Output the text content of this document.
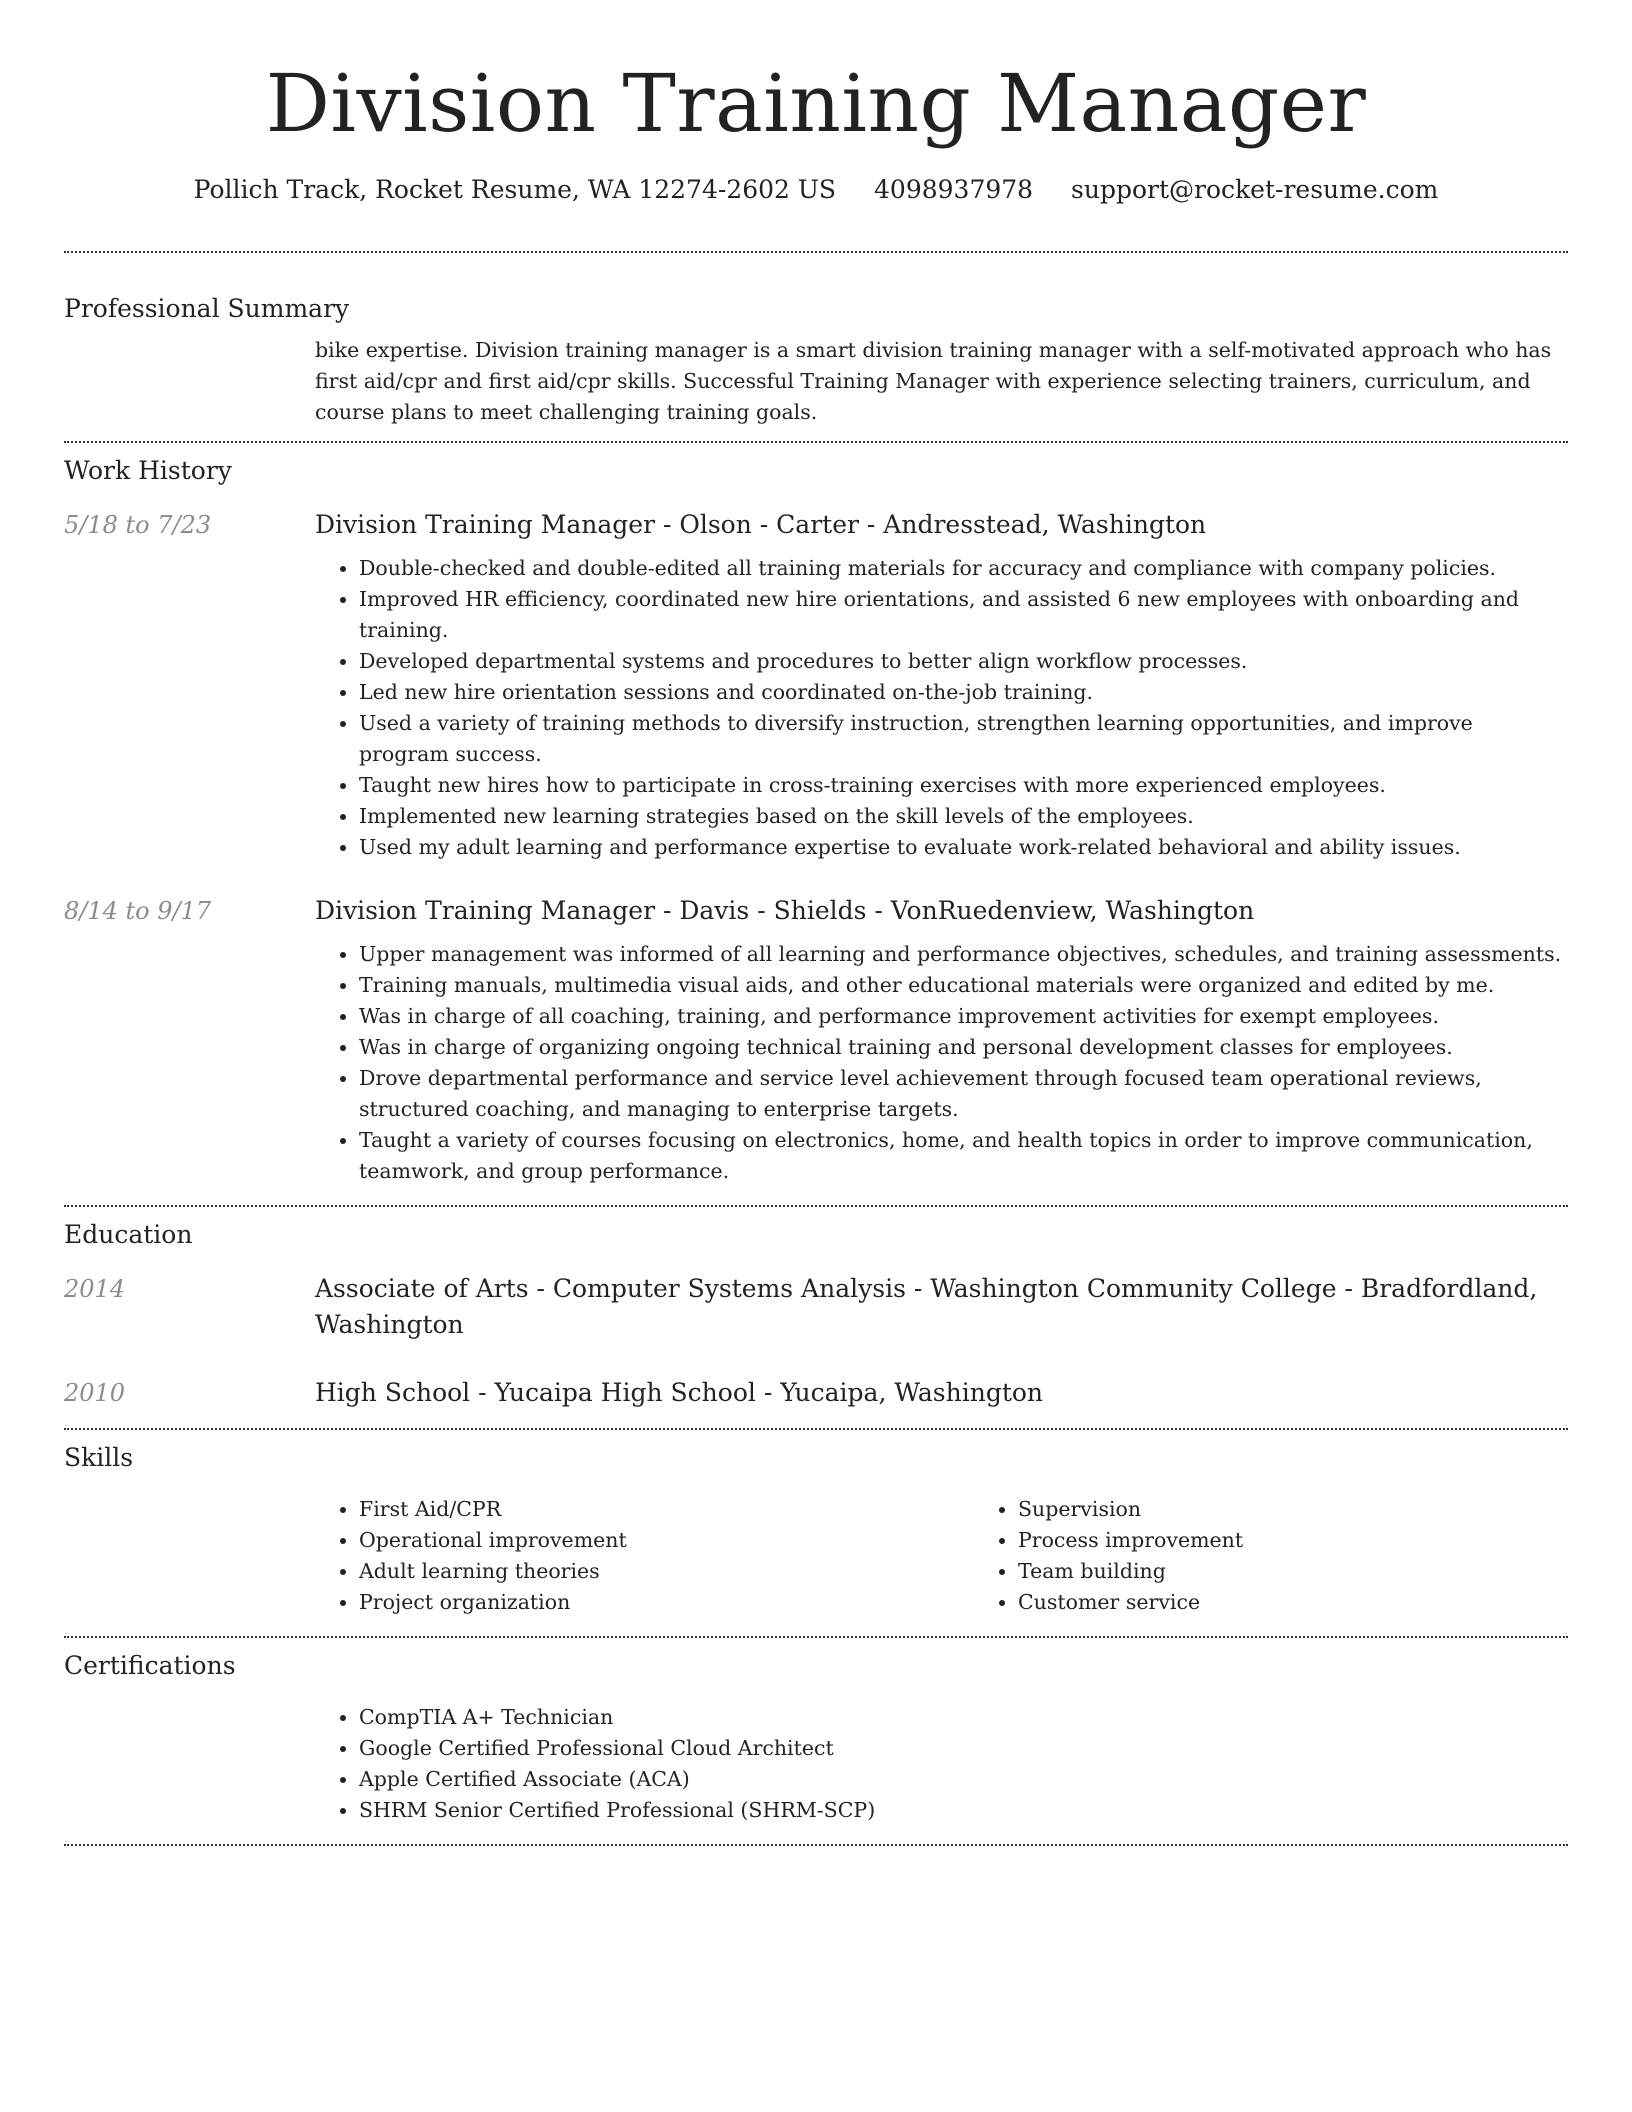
Division Training Manager
Pollich Track, Rocket Resume, WA 12274-2602 US 4098937978 support@rocket-resume.com
Professional Summary

bike expertise. Division training manager is a smart division training manager with a self-motivated approach who has first aid/cpr and first aid/cpr skills. Successful Training Manager with experience selecting trainers, curriculum, and course plans to meet challenging training goals.

Work History
5/18 to 7/23	Division Training Manager - Olson - Carter - Andresstead, Washington
• Double-checked and double-edited all training materials for accuracy and compliance with company policies.
• Improved HR efficiency, coordinated new hire orientations, and assisted 6 new employees with onboarding and training.
• Developed departmental systems and procedures to better align workflow processes.
• Led new hire orientation sessions and coordinated on-the-job training.
• Used a variety of training methods to diversify instruction, strengthen learning opportunities, and improve program success.
• Taught new hires how to participate in cross-training exercises with more experienced employees.
• Implemented new learning strategies based on the skill levels of the employees.
• Used my adult learning and performance expertise to evaluate work-related behavioral and ability issues.
8/14 to 9/17	Division Training Manager - Davis - Shields - VonRuedenview, Washington
• Upper management was informed of all learning and performance objectives, schedules, and training assessments.
• Training manuals, multimedia visual aids, and other educational materials were organized and edited by me.
• Was in charge of all coaching, training, and performance improvement activities for exempt employees.
• Was in charge of organizing ongoing technical training and personal development classes for employees.
• Drove departmental performance and service level achievement through focused team operational reviews, structured coaching, and managing to enterprise targets.
• Taught a variety of courses focusing on electronics, home, and health topics in order to improve communication, teamwork, and group performance.
Education
2014	Associate of Arts - Computer Systems Analysis - Washington Community College - Bradfordland, Washington
2010	High School - Yucaipa High School - Yucaipa, Washington
Skills
• First Aid/CPR
• Operational improvement
• Adult learning theories
• Project organization
• Supervision
• Process improvement
• Team building
• Customer service
Certifications
• CompTIA A+ Technician
• Google Certified Professional Cloud Architect
• Apple Certified Associate (ACA)
• SHRM Senior Certified Professional (SHRM-SCP)
